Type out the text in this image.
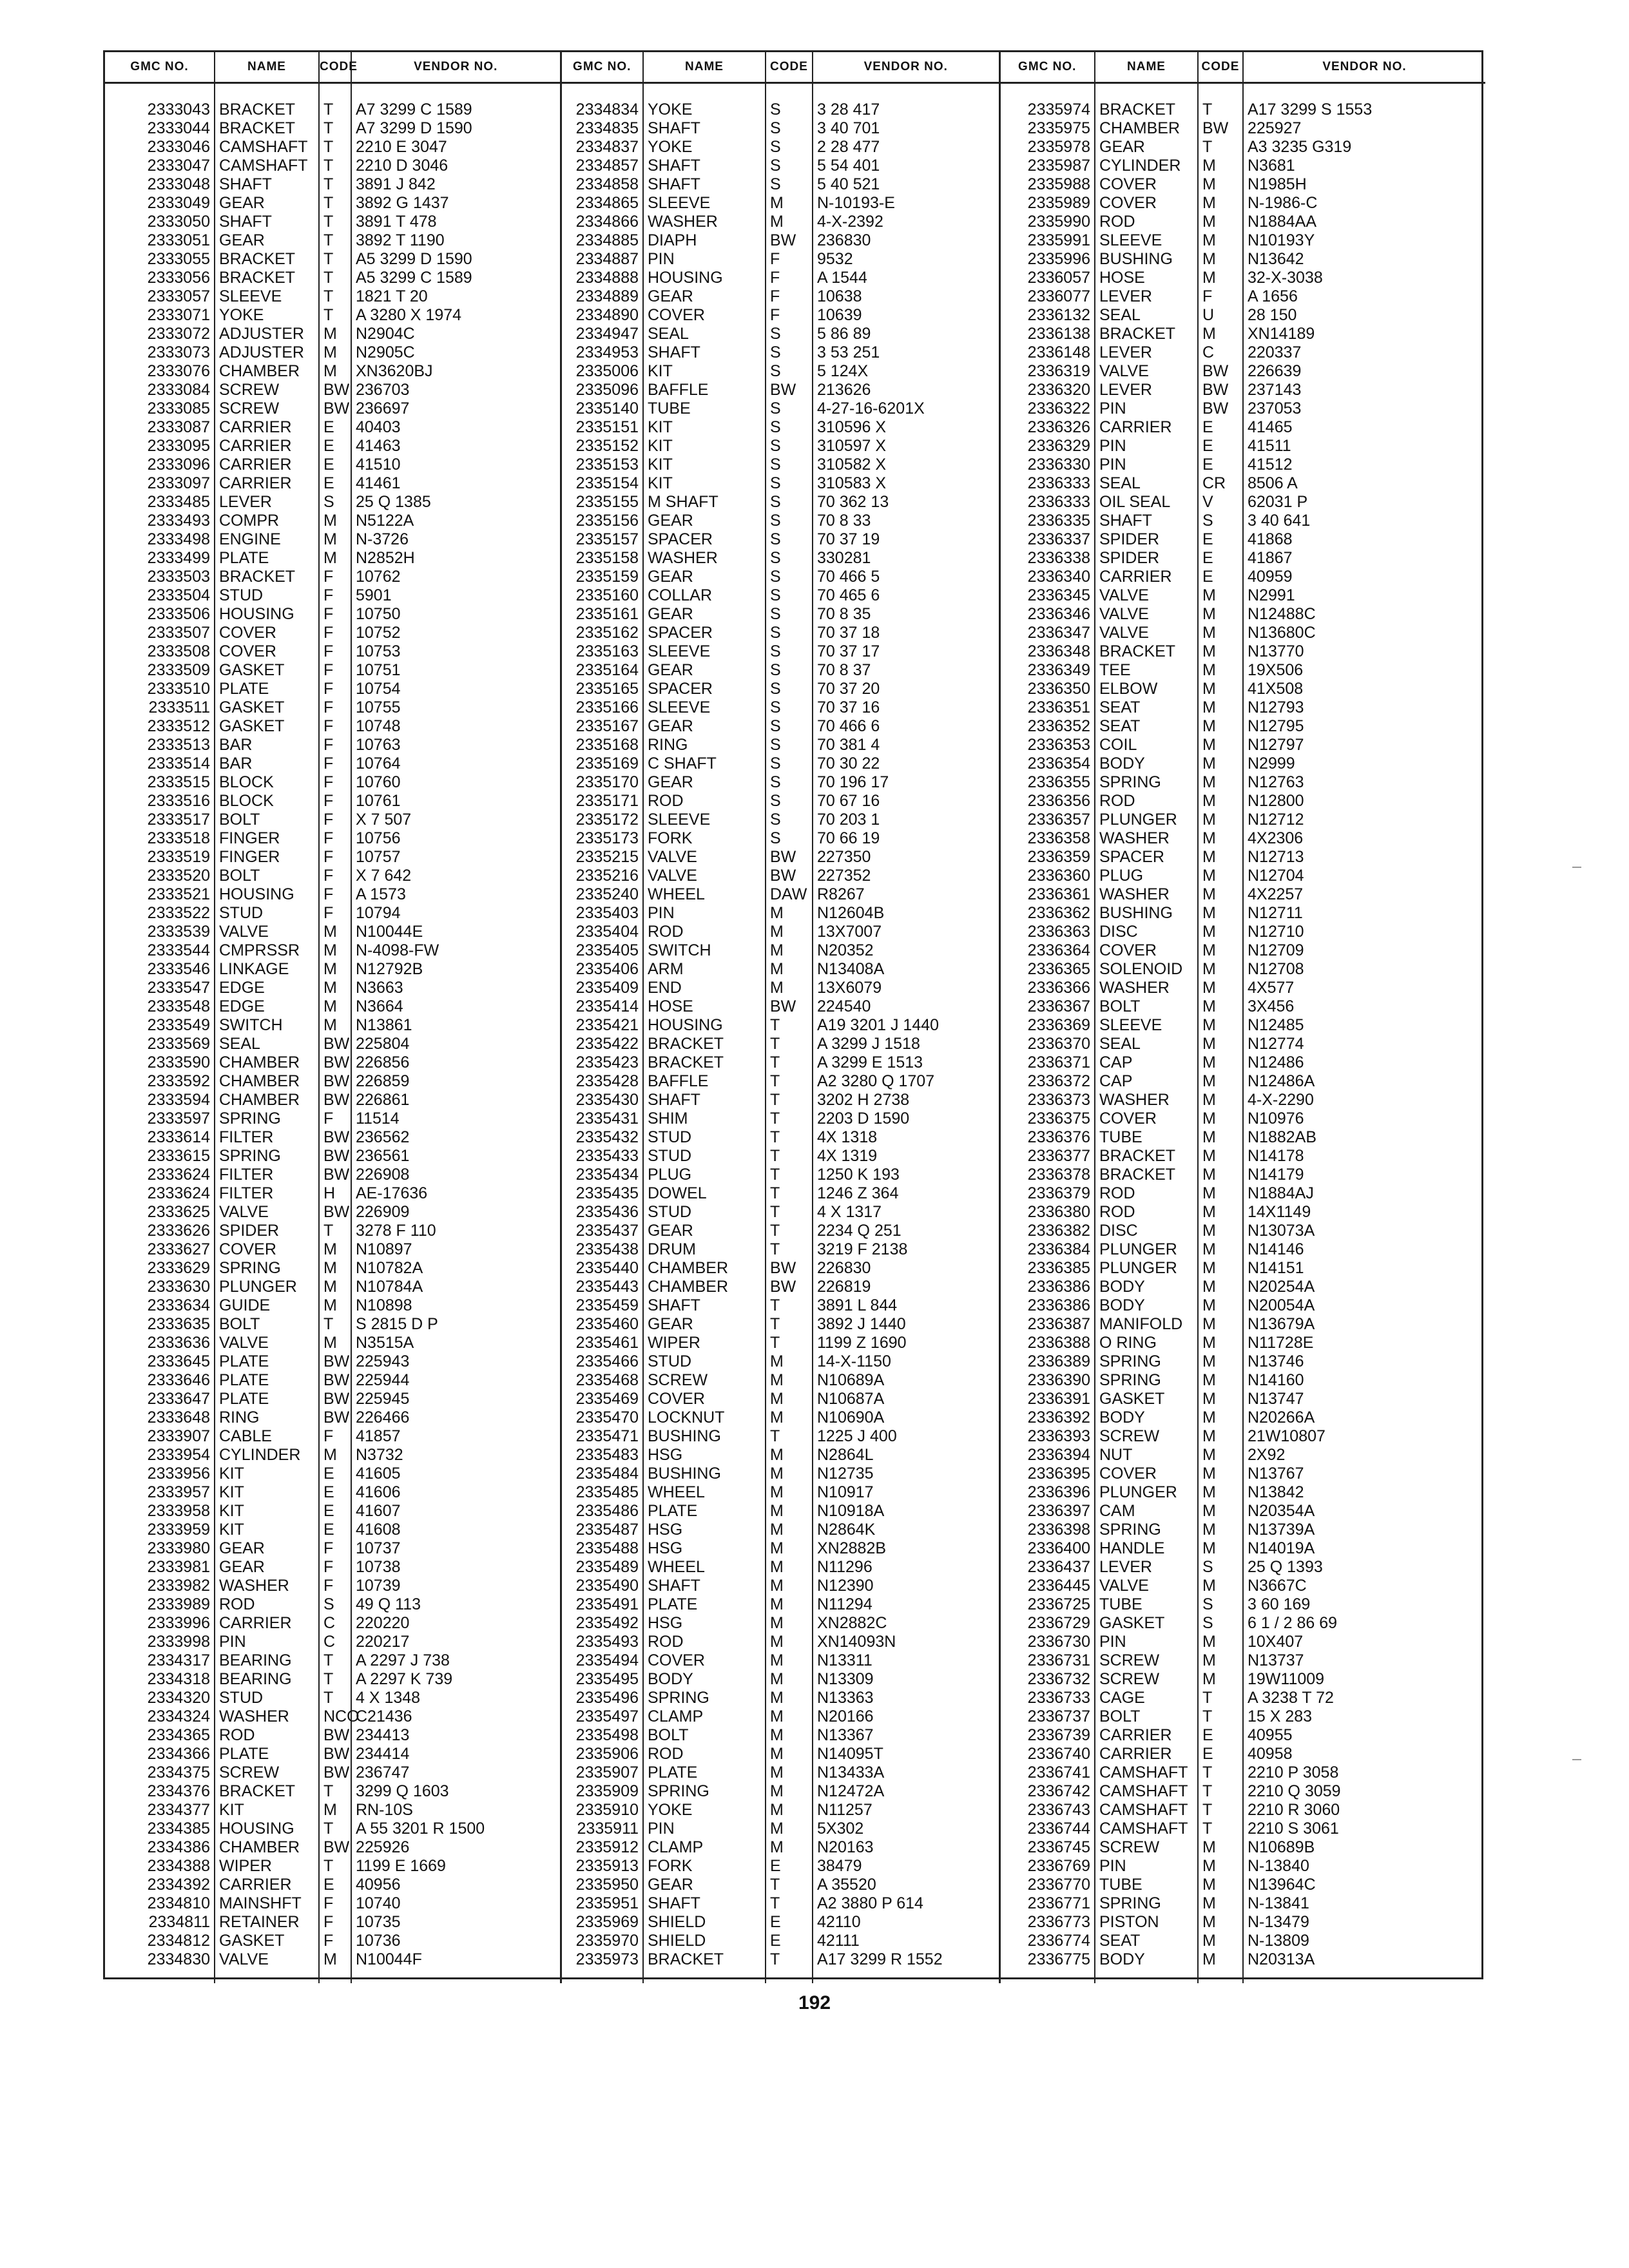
GMC NO.	NAME	CODE	VENDOR NO.	GMC NO.	NAME	CODE	VENDOR NO.	GMC NO.	NAME	CODE	VENDOR NO.

2333043	BRACKET	T	A7 3299 C 1589	2334834	YOKE	S	3 28 417	2335974	BRACKET	T	A17 3299 S 1553
2333044	BRACKET	T	A7 3299 D 1590	2334835	SHAFT	S	3 40 701	2335975	CHAMBER	BW	225927
2333046	CAMSHAFT	T	2210 E 3047	2334837	YOKE	S	2 28 477	2335978	GEAR	T	A3 3235 G319
2333047	CAMSHAFT	T	2210 D 3046	2334857	SHAFT	S	5 54 401	2335987	CYLINDER	M	N3681
2333048	SHAFT	T	3891 J 842	2334858	SHAFT	S	5 40 521	2335988	COVER	M	N1985H
2333049	GEAR	T	3892 G 1437	2334865	SLEEVE	M	N-10193-E	2335989	COVER	M	N-1986-C
2333050	SHAFT	T	3891 T 478	2334866	WASHER	M	4-X-2392	2335990	ROD	M	N1884AA
2333051	GEAR	T	3892 T 1190	2334885	DIAPH	BW	236830	2335991	SLEEVE	M	N10193Y
2333055	BRACKET	T	A5 3299 D 1590	2334887	PIN	F	9532	2335996	BUSHING	M	N13642
2333056	BRACKET	T	A5 3299 C 1589	2334888	HOUSING	F	A 1544	2336057	HOSE	M	32-X-3038
2333057	SLEEVE	T	1821 T 20	2334889	GEAR	F	10638	2336077	LEVER	F	A 1656
2333071	YOKE	T	A 3280 X 1974	2334890	COVER	F	10639	2336132	SEAL	U	28 150
2333072	ADJUSTER	M	N2904C	2334947	SEAL	S	5 86 89	2336138	BRACKET	M	XN14189
2333073	ADJUSTER	M	N2905C	2334953	SHAFT	S	3 53 251	2336148	LEVER	C	220337
2333076	CHAMBER	M	XN3620BJ	2335006	KIT	S	5 124X	2336319	VALVE	BW	226639
2333084	SCREW	BW	236703	2335096	BAFFLE	BW	213626	2336320	LEVER	BW	237143
2333085	SCREW	BW	236697	2335140	TUBE	S	4-27-16-6201X	2336322	PIN	BW	237053
2333087	CARRIER	E	40403	2335151	KIT	S	310596 X	2336326	CARRIER	E	41465
2333095	CARRIER	E	41463	2335152	KIT	S	310597 X	2336329	PIN	E	41511
2333096	CARRIER	E	41510	2335153	KIT	S	310582 X	2336330	PIN	E	41512
2333097	CARRIER	E	41461	2335154	KIT	S	310583 X	2336333	SEAL	CR	8506 A
2333485	LEVER	S	25 Q 1385	2335155	M SHAFT	S	70 362 13	2336333	OIL SEAL	V	62031 P
2333493	COMPR	M	N5122A	2335156	GEAR	S	70 8 33	2336335	SHAFT	S	3 40 641
2333498	ENGINE	M	N-3726	2335157	SPACER	S	70 37 19	2336337	SPIDER	E	41868
2333499	PLATE	M	N2852H	2335158	WASHER	S	330281	2336338	SPIDER	E	41867
2333503	BRACKET	F	10762	2335159	GEAR	S	70 466 5	2336340	CARRIER	E	40959
2333504	STUD	F	5901	2335160	COLLAR	S	70 465 6	2336345	VALVE	M	N2991
2333506	HOUSING	F	10750	2335161	GEAR	S	70 8 35	2336346	VALVE	M	N12488C
2333507	COVER	F	10752	2335162	SPACER	S	70 37 18	2336347	VALVE	M	N13680C
2333508	COVER	F	10753	2335163	SLEEVE	S	70 37 17	2336348	BRACKET	M	N13770
2333509	GASKET	F	10751	2335164	GEAR	S	70 8 37	2336349	TEE	M	19X506
2333510	PLATE	F	10754	2335165	SPACER	S	70 37 20	2336350	ELBOW	M	41X508
2333511	GASKET	F	10755	2335166	SLEEVE	S	70 37 16	2336351	SEAT	M	N12793
2333512	GASKET	F	10748	2335167	GEAR	S	70 466 6	2336352	SEAT	M	N12795
2333513	BAR	F	10763	2335168	RING	S	70 381 4	2336353	COIL	M	N12797
2333514	BAR	F	10764	2335169	C SHAFT	S	70 30 22	2336354	BODY	M	N2999
2333515	BLOCK	F	10760	2335170	GEAR	S	70 196 17	2336355	SPRING	M	N12763
2333516	BLOCK	F	10761	2335171	ROD	S	70 67 16	2336356	ROD	M	N12800
2333517	BOLT	F	X 7 507	2335172	SLEEVE	S	70 203 1	2336357	PLUNGER	M	N12712
2333518	FINGER	F	10756	2335173	FORK	S	70 66 19	2336358	WASHER	M	4X2306
2333519	FINGER	F	10757	2335215	VALVE	BW	227350	2336359	SPACER	M	N12713
2333520	BOLT	F	X 7 642	2335216	VALVE	BW	227352	2336360	PLUG	M	N12704
2333521	HOUSING	F	A 1573	2335240	WHEEL	DAW	R8267	2336361	WASHER	M	4X2257
2333522	STUD	F	10794	2335403	PIN	M	N12604B	2336362	BUSHING	M	N12711
2333539	VALVE	M	N10044E	2335404	ROD	M	13X7007	2336363	DISC	M	N12710
2333544	CMPRSSR	M	N-4098-FW	2335405	SWITCH	M	N20352	2336364	COVER	M	N12709
2333546	LINKAGE	M	N12792B	2335406	ARM	M	N13408A	2336365	SOLENOID	M	N12708
2333547	EDGE	M	N3663	2335409	END	M	13X6079	2336366	WASHER	M	4X577
2333548	EDGE	M	N3664	2335414	HOSE	BW	224540	2336367	BOLT	M	3X456
2333549	SWITCH	M	N13861	2335421	HOUSING	T	A19 3201 J 1440	2336369	SLEEVE	M	N12485
2333569	SEAL	BW	225804	2335422	BRACKET	T	A 3299 J 1518	2336370	SEAL	M	N12774
2333590	CHAMBER	BW	226856	2335423	BRACKET	T	A 3299 E 1513	2336371	CAP	M	N12486
2333592	CHAMBER	BW	226859	2335428	BAFFLE	T	A2 3280 Q 1707	2336372	CAP	M	N12486A
2333594	CHAMBER	BW	226861	2335430	SHAFT	T	3202 H 2738	2336373	WASHER	M	4-X-2290
2333597	SPRING	F	11514	2335431	SHIM	T	2203 D 1590	2336375	COVER	M	N10976
2333614	FILTER	BW	236562	2335432	STUD	T	4X 1318	2336376	TUBE	M	N1882AB
2333615	SPRING	BW	236561	2335433	STUD	T	4X 1319	2336377	BRACKET	M	N14178
2333624	FILTER	BW	226908	2335434	PLUG	T	1250 K 193	2336378	BRACKET	M	N14179
2333624	FILTER	H	AE-17636	2335435	DOWEL	T	1246 Z 364	2336379	ROD	M	N1884AJ
2333625	VALVE	BW	226909	2335436	STUD	T	4 X 1317	2336380	ROD	M	14X1149
2333626	SPIDER	T	3278 F 110	2335437	GEAR	T	2234 Q 251	2336382	DISC	M	N13073A
2333627	COVER	M	N10897	2335438	DRUM	T	3219 F 2138	2336384	PLUNGER	M	N14146
2333629	SPRING	M	N10782A	2335440	CHAMBER	BW	226830	2336385	PLUNGER	M	N14151
2333630	PLUNGER	M	N10784A	2335443	CHAMBER	BW	226819	2336386	BODY	M	N20254A
2333634	GUIDE	M	N10898	2335459	SHAFT	T	3891 L 844	2336386	BODY	M	N20054A
2333635	BOLT	T	S 2815 D P	2335460	GEAR	T	3892 J 1440	2336387	MANIFOLD	M	N13679A
2333636	VALVE	M	N3515A	2335461	WIPER	T	1199 Z 1690	2336388	O RING	M	N11728E
2333645	PLATE	BW	225943	2335466	STUD	M	14-X-1150	2336389	SPRING	M	N13746
2333646	PLATE	BW	225944	2335468	SCREW	M	N10689A	2336390	SPRING	M	N14160
2333647	PLATE	BW	225945	2335469	COVER	M	N10687A	2336391	GASKET	M	N13747
2333648	RING	BW	226466	2335470	LOCKNUT	M	N10690A	2336392	BODY	M	N20266A
2333907	CABLE	F	41857	2335471	BUSHING	T	1225 J 400	2336393	SCREW	M	21W10807
2333954	CYLINDER	M	N3732	2335483	HSG	M	N2864L	2336394	NUT	M	2X92
2333956	KIT	E	41605	2335484	BUSHING	M	N12735	2336395	COVER	M	N13767
2333957	KIT	E	41606	2335485	WHEEL	M	N10917	2336396	PLUNGER	M	N13842
2333958	KIT	E	41607	2335486	PLATE	M	N10918A	2336397	CAM	M	N20354A
2333959	KIT	E	41608	2335487	HSG	M	N2864K	2336398	SPRING	M	N13739A
2333980	GEAR	F	10737	2335488	HSG	M	XN2882B	2336400	HANDLE	M	N14019A
2333981	GEAR	F	10738	2335489	WHEEL	M	N11296	2336437	LEVER	S	25 Q 1393
2333982	WASHER	F	10739	2335490	SHAFT	M	N12390	2336445	VALVE	M	N3667C
2333989	ROD	S	49 Q 113	2335491	PLATE	M	N11294	2336725	TUBE	S	3 60 169
2333996	CARRIER	C	220220	2335492	HSG	M	XN2882C	2336729	GASKET	S	6 1 / 2 86 69
2333998	PIN	C	220217	2335493	ROD	M	XN14093N	2336730	PIN	M	10X407
2334317	BEARING	T	A 2297 J 738	2335494	COVER	M	N13311	2336731	SCREW	M	N13737
2334318	BEARING	T	A 2297 K 739	2335495	BODY	M	N13309	2336732	SCREW	M	19W11009
2334320	STUD	T	4 X 1348	2335496	SPRING	M	N13363	2336733	CAGE	T	A 3238 T 72
2334324	WASHER	NCO	C21436	2335497	CLAMP	M	N20166	2336737	BOLT	T	15 X 283
2334365	ROD	BW	234413	2335498	BOLT	M	N13367	2336739	CARRIER	E	40955
2334366	PLATE	BW	234414	2335906	ROD	M	N14095T	2336740	CARRIER	E	40958
2334375	SCREW	BW	236747	2335907	PLATE	M	N13433A	2336741	CAMSHAFT	T	2210 P 3058
2334376	BRACKET	T	3299 Q 1603	2335909	SPRING	M	N12472A	2336742	CAMSHAFT	T	2210 Q 3059
2334377	KIT	M	RN-10S	2335910	YOKE	M	N11257	2336743	CAMSHAFT	T	2210 R 3060
2334385	HOUSING	T	A 55 3201 R 1500	2335911	PIN	M	5X302	2336744	CAMSHAFT	T	2210 S 3061
2334386	CHAMBER	BW	225926	2335912	CLAMP	M	N20163	2336745	SCREW	M	N10689B
2334388	WIPER	T	1199 E 1669	2335913	FORK	E	38479	2336769	PIN	M	N-13840
2334392	CARRIER	E	40956	2335950	GEAR	T	A 35520	2336770	TUBE	M	N13964C
2334810	MAINSHFT	F	10740	2335951	SHAFT	T	A2 3880 P 614	2336771	SPRING	M	N-13841
2334811	RETAINER	F	10735	2335969	SHIELD	E	42110	2336773	PISTON	M	N-13479
2334812	GASKET	F	10736	2335970	SHIELD	E	42111	2336774	SEAT	M	N-13809
2334830	VALVE	M	N10044F	2335973	BRACKET	T	A17 3299 R 1552	2336775	BODY	M	N20313A

192
